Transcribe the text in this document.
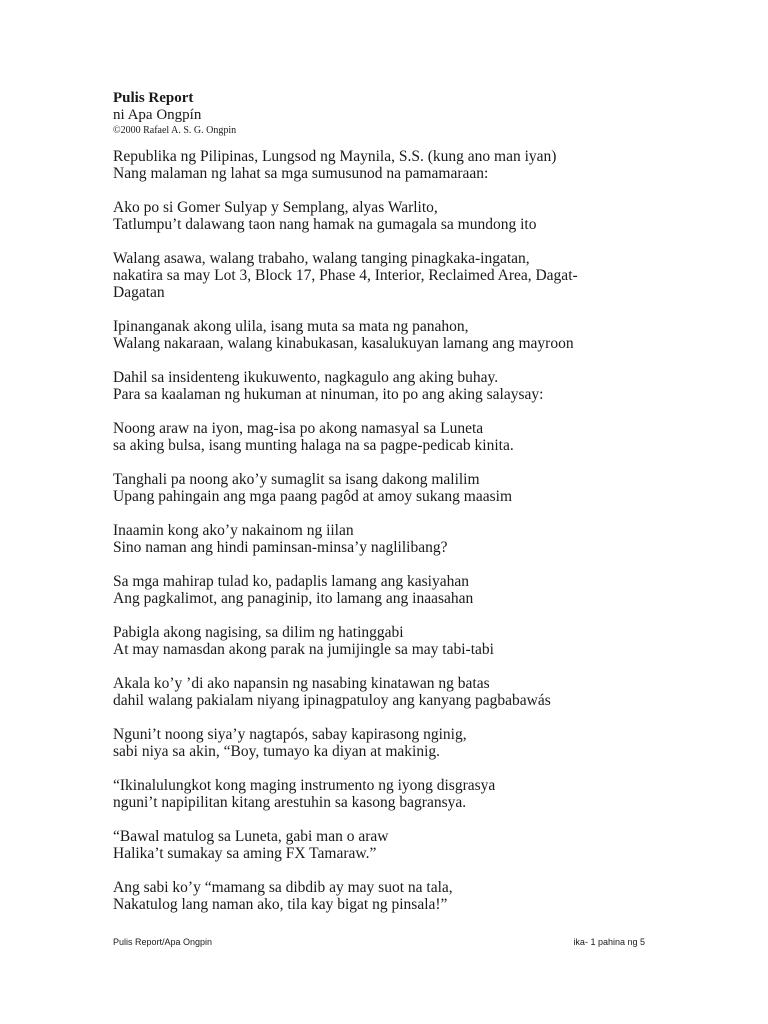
Pulis Report

ni Apa Ongpín

©2000 Rafael A. S. G. Ongpin

Republika ng Pilipinas, Lungsod ng Maynila, S.S. (kung ano man iyan)
Nang malaman ng lahat sa mga sumusunod na pamamaraan:
Ako po si Gomer Sulyap y Semplang, alyas Warlito,
Tatlumpu’t dalawang taon nang hamak na gumagala sa mundong ito
Walang asawa, walang trabaho, walang tanging pinagkaka-ingatan,
nakatira sa may Lot 3, Block 17, Phase 4, Interior, Reclaimed Area, Dagat-
Dagatan
Ipinanganak akong ulila, isang muta sa mata ng panahon,
Walang nakaraan, walang kinabukasan, kasalukuyan lamang ang mayroon
Dahil sa insidenteng ikukuwento, nagkagulo ang aking buhay.
Para sa kaalaman ng hukuman at ninuman, ito po ang aking salaysay:
Noong araw na iyon, mag-isa po akong namasyal sa Luneta
sa aking bulsa, isang munting halaga na sa pagpe-pedicab kinita.
Tanghali pa noong ako’y sumaglit sa isang dakong malilim
Upang pahingain ang mga paang pagôd at amoy sukang maasim
Inaamin kong ako’y nakainom ng iilan
Sino naman ang hindi paminsan-minsa’y naglilibang?
Sa mga mahirap tulad ko, padaplis lamang ang kasiyahan
Ang pagkalimot, ang panaginip, ito lamang ang inaasahan
Pabigla akong nagising, sa dilim ng hatinggabi
At may namasdan akong parak na jumijingle sa may tabi-tabi
Akala ko’y ’di ako napansin ng nasabing kinatawan ng batas
dahil walang pakialam niyang ipinagpatuloy ang kanyang pagbabawás
Nguni’t noong siya’y nagtapós, sabay kapirasong nginig,
sabi niya sa akin, “Boy, tumayo ka diyan at makinig.
“Ikinalulungkot kong maging instrumento ng iyong disgrasya
nguni’t napipilitan kitang arestuhin sa kasong bagransya.
“Bawal matulog sa Luneta, gabi man o araw
Halika’t sumakay sa aming FX Tamaraw.”
Ang sabi ko’y “mamang sa dibdib ay may suot na tala,
Nakatulog lang naman ako, tila kay bigat ng pinsala!”
Pulis Report/Apa Ongpin	ika- 1 pahina ng 5
